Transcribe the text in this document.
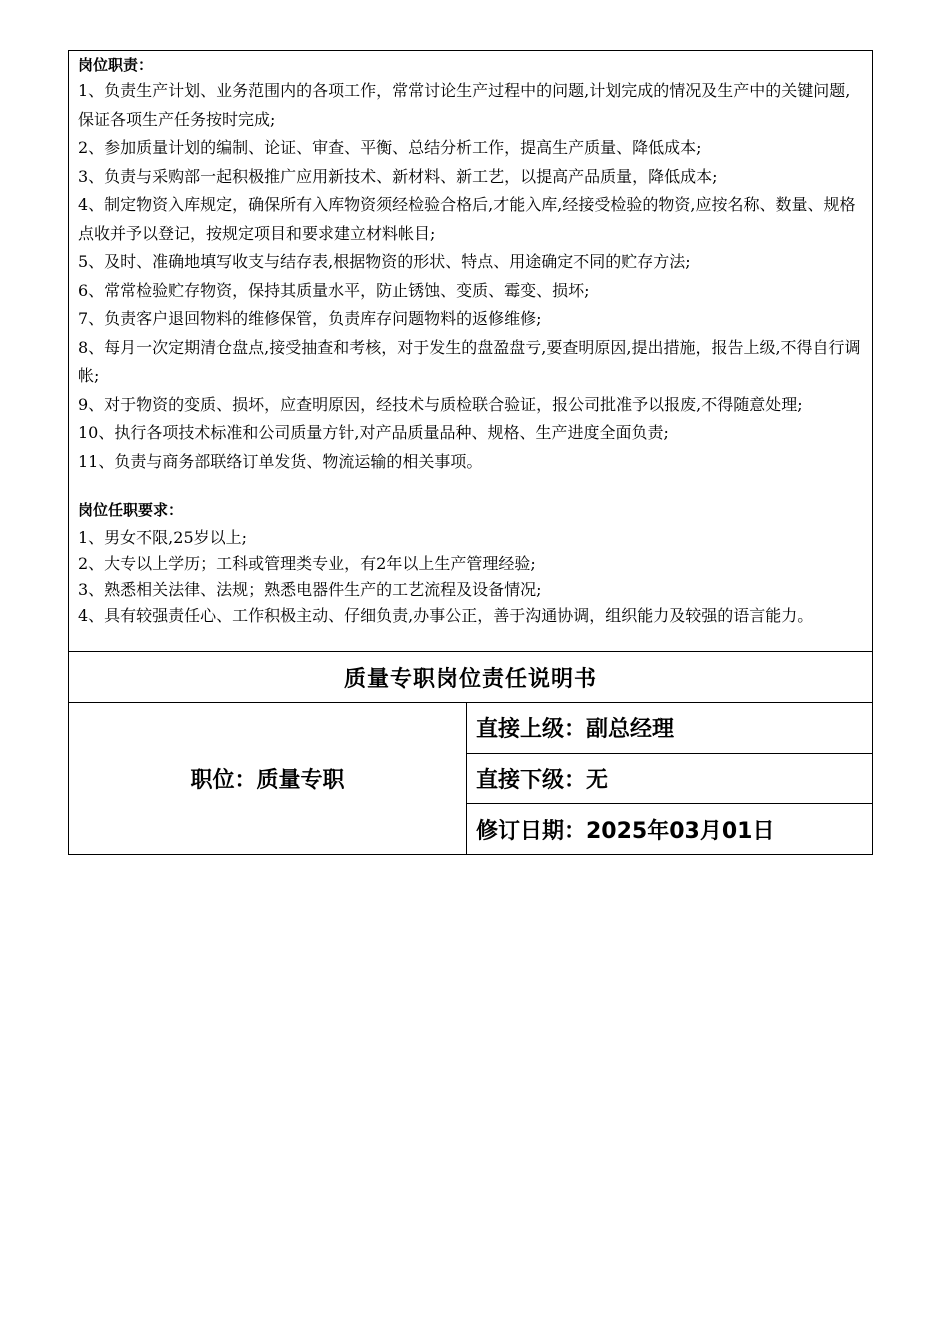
岗位职责：

1、负责生产计划、业务范围内的各项工作，常常讨论生产过程中的问题,计划完成的情况及生产中的关键问题,保证各项生产任务按时完成;

2、参加质量计划的编制、论证、审查、平衡、总结分析工作，提高生产质量、降低成本;

3、负责与采购部一起积极推广应用新技术、新材料、新工艺，以提高产品质量，降低成本;

4、制定物资入库规定，确保所有入库物资须经检验合格后,才能入库,经接受检验的物资,应按名称、数量、规格点收并予以登记，按规定项目和要求建立材料帐目;

5、及时、准确地填写收支与结存表,根据物资的形状、特点、用途确定不同的贮存方法;

6、常常检验贮存物资，保持其质量水平，防止锈蚀、变质、霉变、损坏;

7、负责客户退回物料的维修保管，负责库存问题物料的返修维修;

8、每月一次定期清仓盘点,接受抽查和考核，对于发生的盘盈盘亏,要查明原因,提出措施，报告上级,不得自行调帐;

9、对于物资的变质、损坏，应查明原因，经技术与质检联合验证，报公司批准予以报废,不得随意处理;

10、执行各项技术标准和公司质量方针,对产品质量品种、规格、生产进度全面负责;

11、负责与商务部联络订单发货、物流运输的相关事项。

岗位任职要求：

1、男女不限,25岁以上;

2、大专以上学历；工科或管理类专业，有2年以上生产管理经验;

3、熟悉相关法律、法规；熟悉电器件生产的工艺流程及设备情况;

4、具有较强责任心、工作积极主动、仔细负责,办事公正，善于沟通协调，组织能力及较强的语言能力。

质量专职岗位责任说明书
职位：质量专职
直接上级：副总经理
直接下级：无
修订日期：2025年03月01日
